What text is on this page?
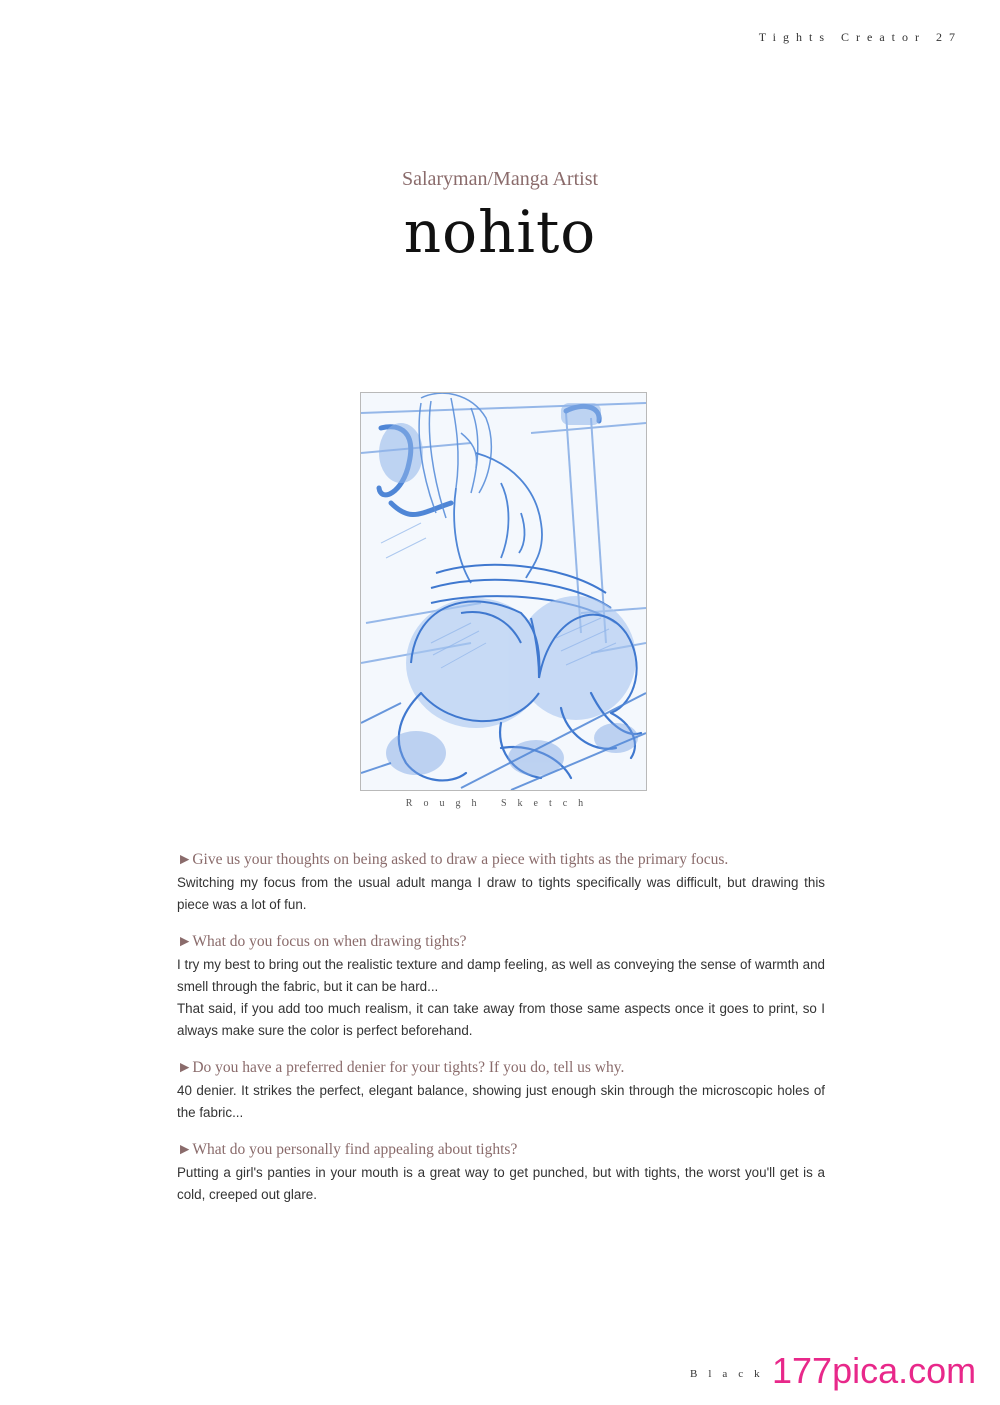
Tights Creator 27
Salaryman/Manga Artist
nohito
Rough Sketch
►Give us your thoughts on being asked to draw a piece with tights as the primary focus.

Switching my focus from the usual adult manga I draw to tights specifically was difficult, but drawing this piece was a lot of fun.

►What do you focus on when drawing tights?

I try my best to bring out the realistic texture and damp feeling, as well as conveying the sense of warmth and smell through the fabric, but it can be hard...

That said, if you add too much realism, it can take away from those same aspects once it goes to print, so I always make sure the color is perfect beforehand.

►Do you have a preferred denier for your tights? If you do, tell us why.

40 denier. It strikes the perfect, elegant balance, showing just enough skin through the microscopic holes of the fabric...

►What do you personally find appealing about tights?

Putting a girl's panties in your mouth is a great way to get punched, but with tights, the worst you'll get is a cold, creeped out glare.

Black 177pica.com
